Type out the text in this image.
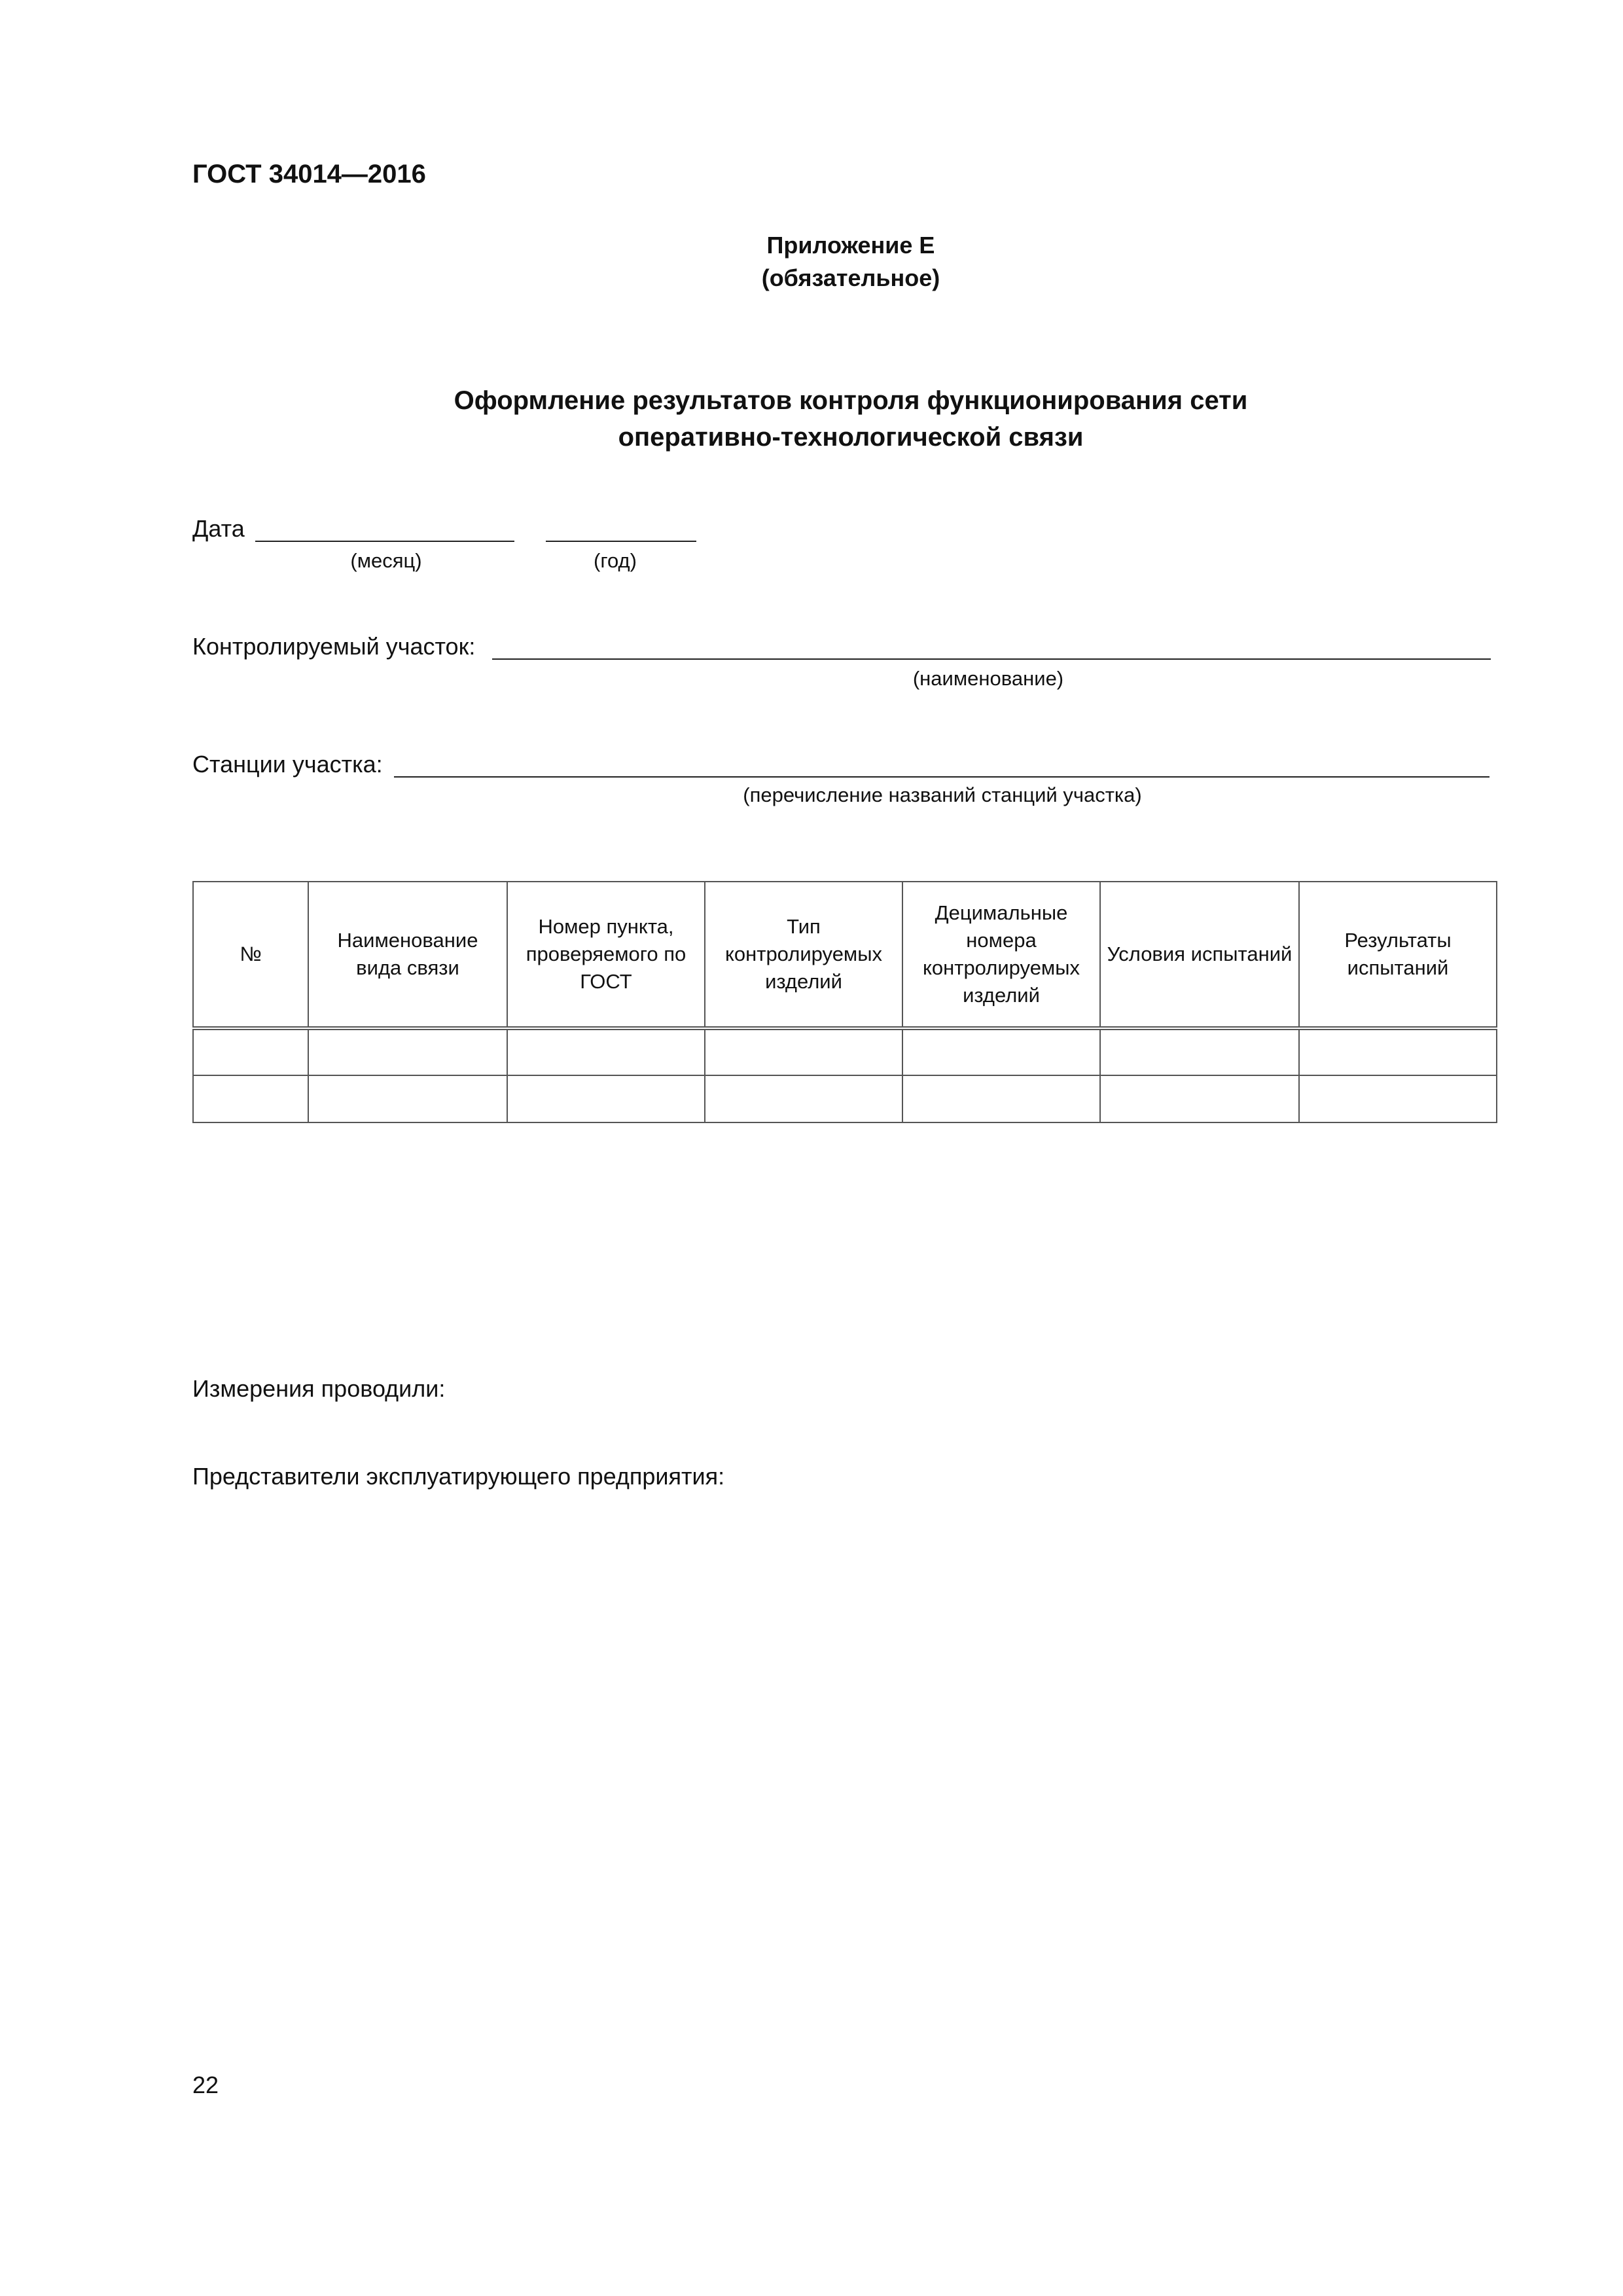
ГОСТ 34014—2016
Приложение Е
(обязательное)
Оформление результатов контроля функционирования сети
оперативно-технологической связи
Дата
(месяц)	(год)
Контролируемый участок:
(наименование)
Станции участка:
(перечисление названий станций участка)
№	Наименование вида связи	Номер пункта, проверяемого по ГОСТ	Тип контролируемых изделий	Децимальные номера контролируемых изделий	Условия испытаний	Результаты испытаний

Измерения проводили:
Представители эксплуатирующего предприятия:
22
